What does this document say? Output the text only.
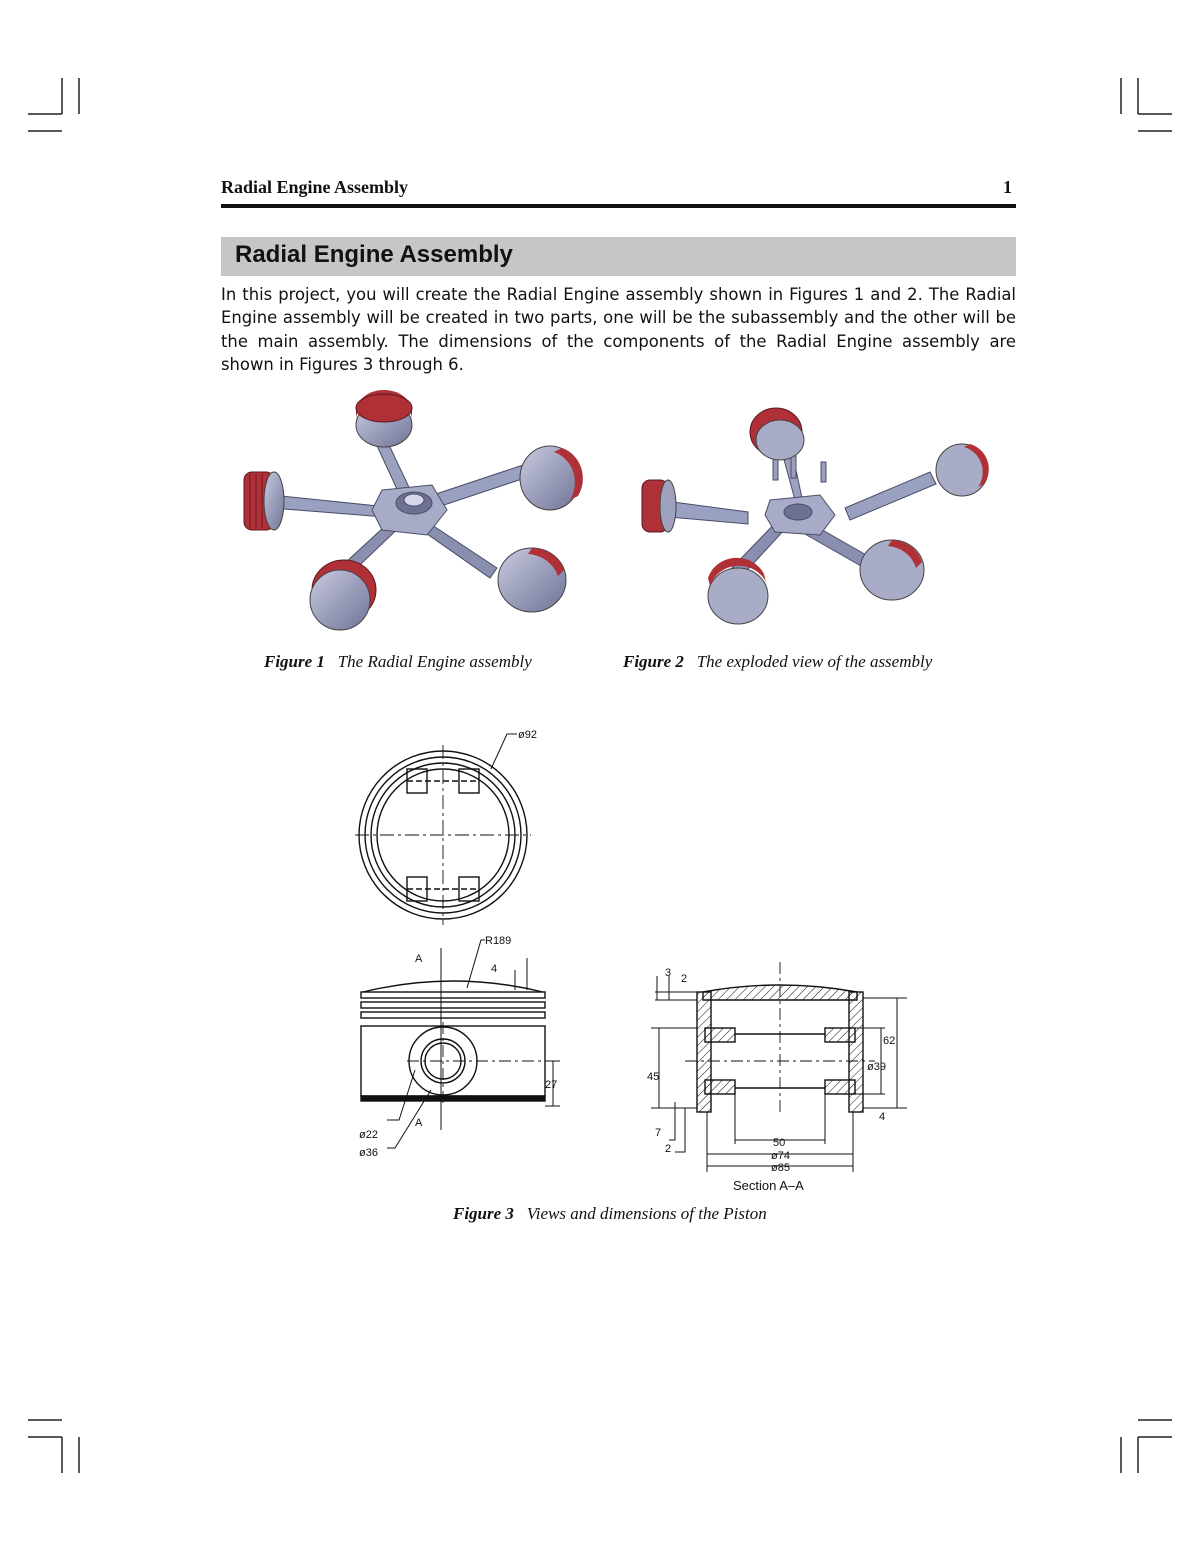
Radial Engine Assembly	1
Radial Engine Assembly
In this project, you will create the Radial Engine assembly shown in Figures 1 and 2. The Radial Engine assembly will be created in two parts, one will be the subassembly and the other will be the main assembly. The dimensions of the components of the Radial Engine assembly are shown in Figures 3 through 6.
Figure 1 The Radial Engine assembly	Figure 2 The exploded view of the assembly
ø92
R189
A
4
27
A
ø22
ø36
3 2
62
ø39
45
4
7
2	50
ø74
ø85
Section A–A
Figure 3 Views and dimensions of the Piston
